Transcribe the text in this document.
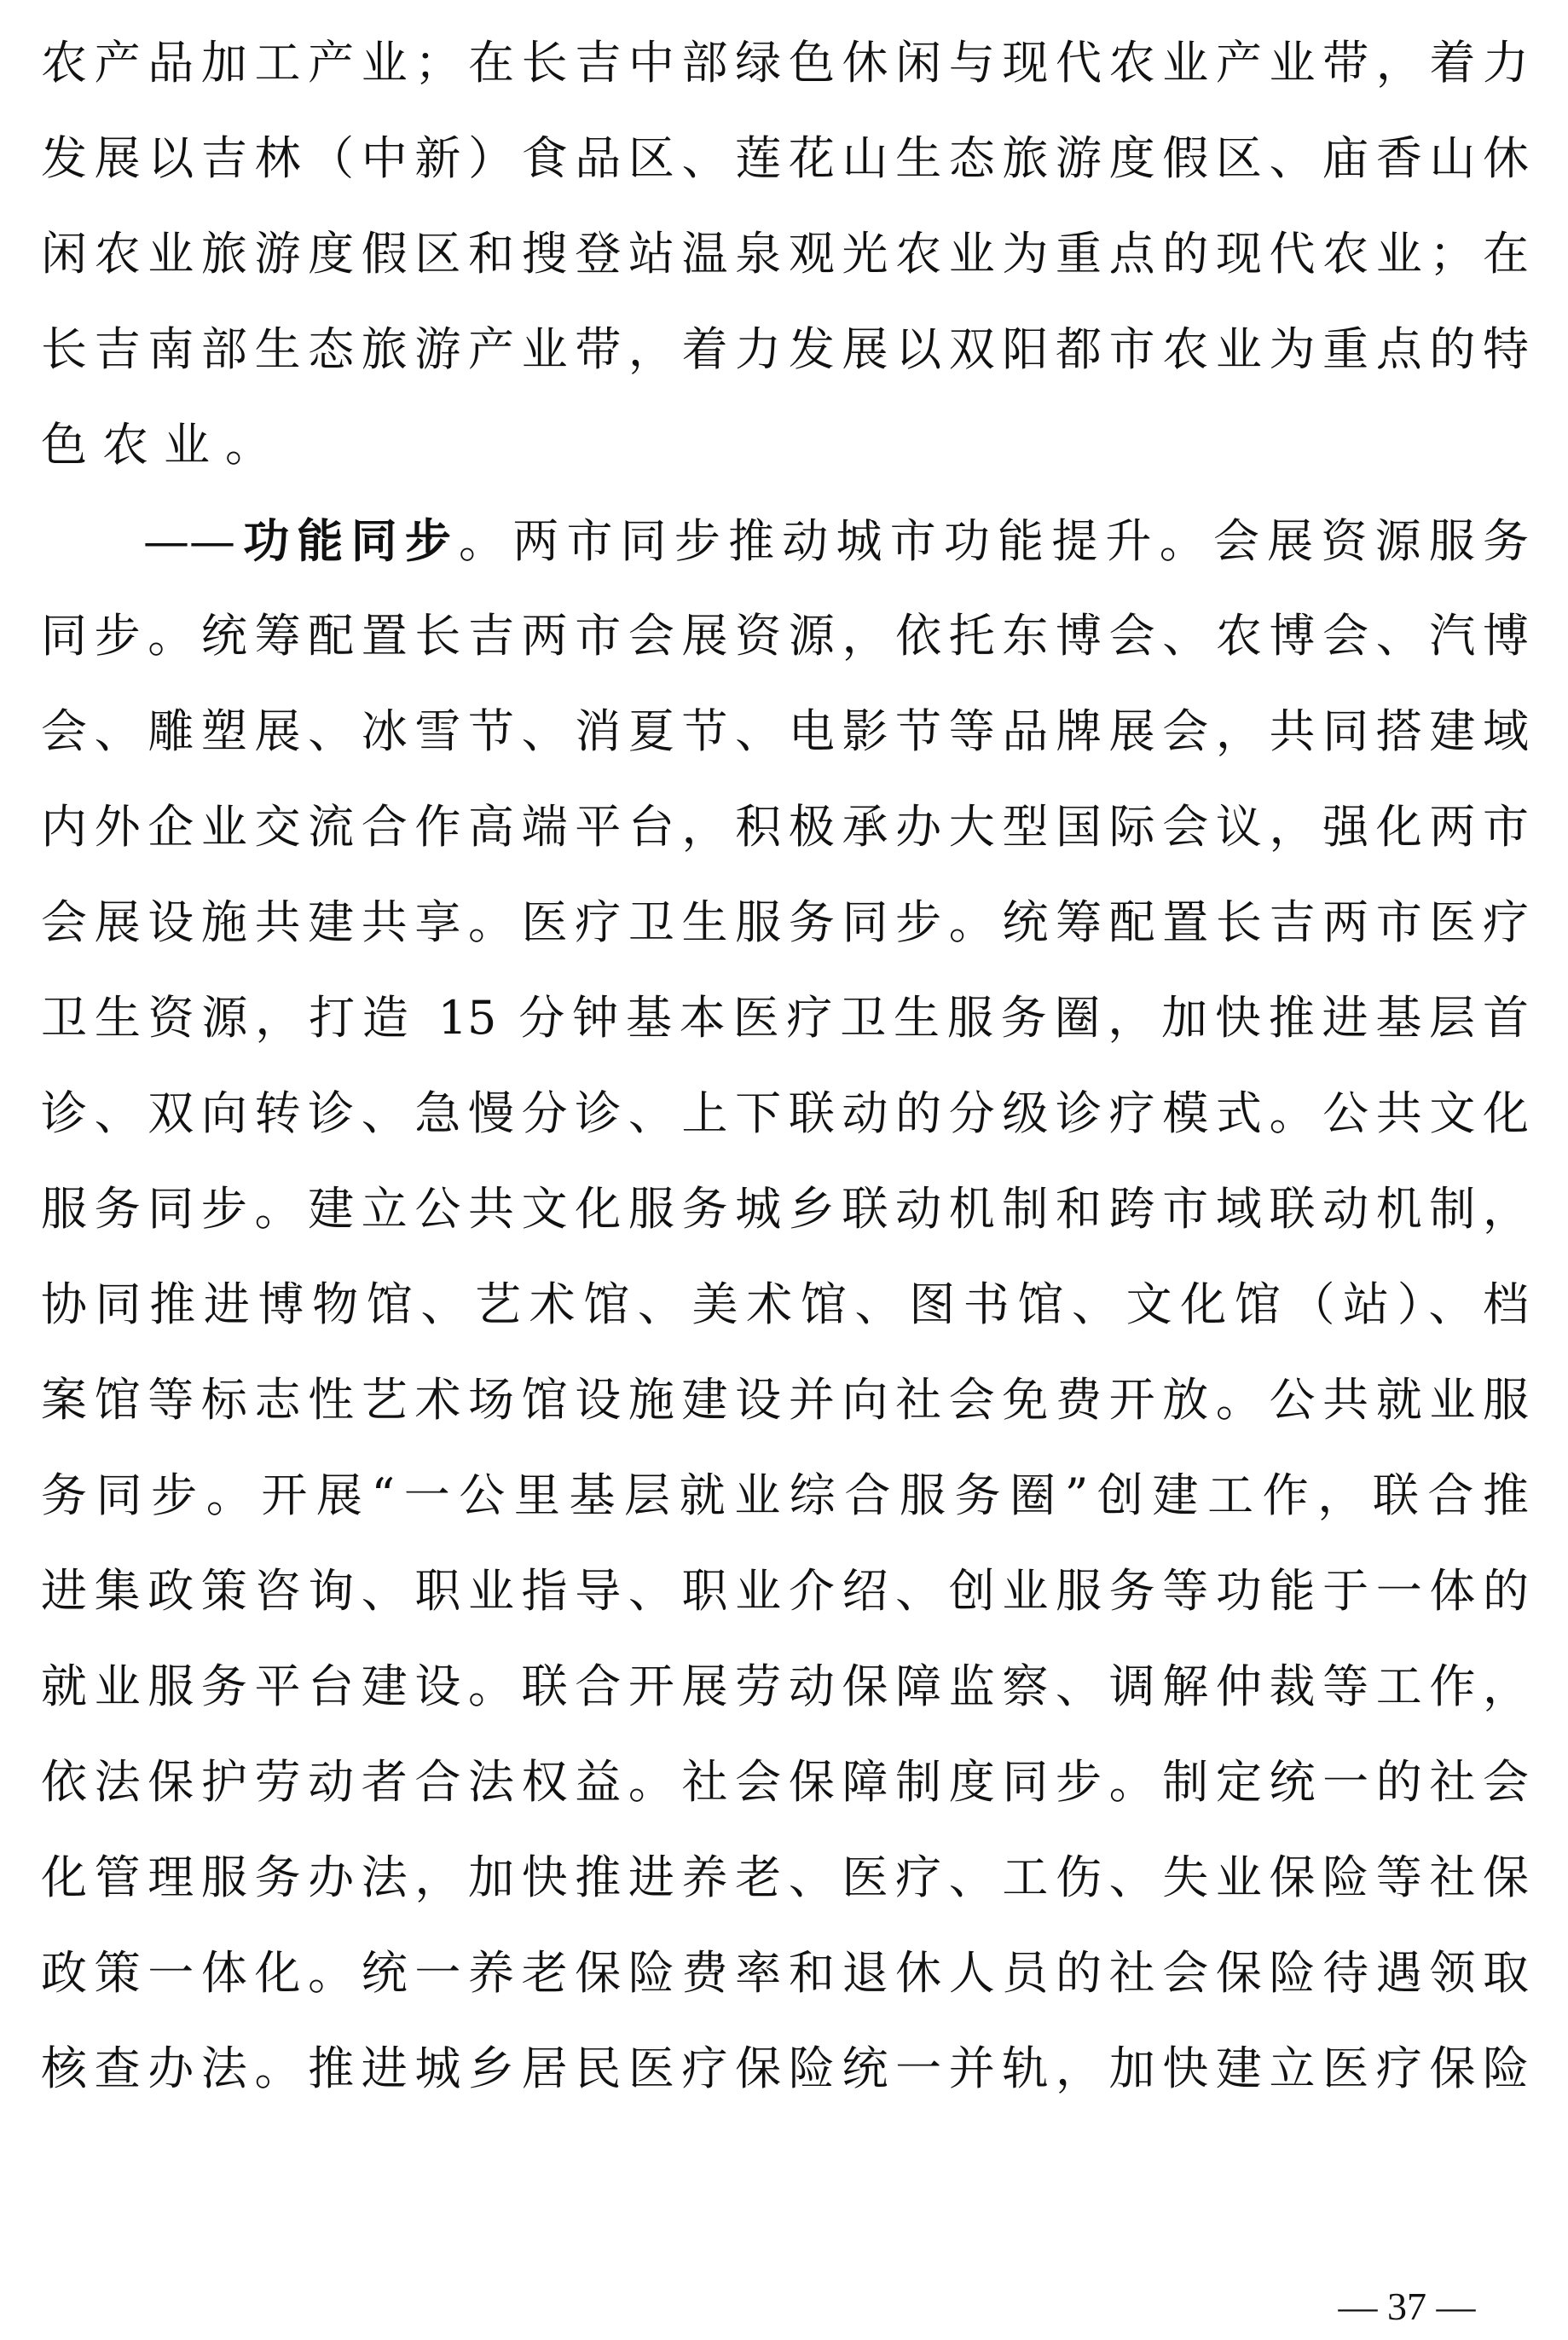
农产品加工产业；在长吉中部绿色休闲与现代农业产业带，着力
发展以吉林（中新）食品区、莲花山生态旅游度假区、庙香山休
闲农业旅游度假区和搜登站温泉观光农业为重点的现代农业；在
长吉南部生态旅游产业带，着力发展以双阳都市农业为重点的特
色农业。
——功能同步。两市同步推动城市功能提升。会展资源服务
同步。统筹配置长吉两市会展资源，依托东博会、农博会、汽博
会、雕塑展、冰雪节、消夏节、电影节等品牌展会，共同搭建域
内外企业交流合作高端平台，积极承办大型国际会议，强化两市
会展设施共建共享。医疗卫生服务同步。统筹配置长吉两市医疗
卫生资源，打造 15 分钟基本医疗卫生服务圈，加快推进基层首
诊、双向转诊、急慢分诊、上下联动的分级诊疗模式。公共文化
服务同步。建立公共文化服务城乡联动机制和跨市域联动机制，
协同推进博物馆、艺术馆、美术馆、图书馆、文化馆（站）、档
案馆等标志性艺术场馆设施建设并向社会免费开放。公共就业服
务同步。开展“一公里基层就业综合服务圈”创建工作，联合推
进集政策咨询、职业指导、职业介绍、创业服务等功能于一体的
就业服务平台建设。联合开展劳动保障监察、调解仲裁等工作，
依法保护劳动者合法权益。社会保障制度同步。制定统一的社会
化管理服务办法，加快推进养老、医疗、工伤、失业保险等社保
政策一体化。统一养老保险费率和退休人员的社会保险待遇领取
核查办法。推进城乡居民医疗保险统一并轨，加快建立医疗保险
— 37 —
